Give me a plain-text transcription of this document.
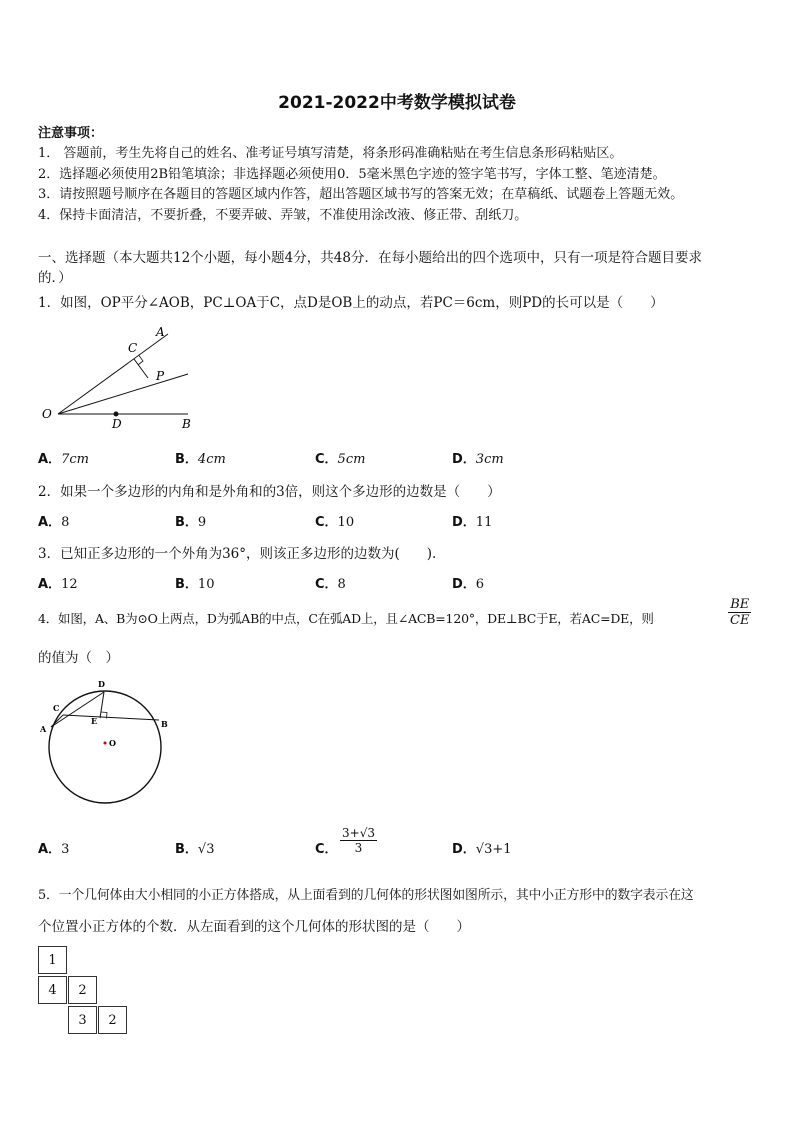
2021-2022中考数学模拟试卷
注意事项：
1． 答题前，考生先将自己的姓名、准考证号填写清楚，将条形码准确粘贴在考生信息条形码粘贴区。
2．选择题必须使用2B铅笔填涂；非选择题必须使用0．5毫米黑色字迹的签字笔书写，字体工整、笔迹清楚。
3．请按照题号顺序在各题目的答题区域内作答，超出答题区域书写的答案无效；在草稿纸、试题卷上答题无效。
4．保持卡面清洁，不要折叠，不要弄破、弄皱，不准使用涂改液、修正带、刮纸刀。
一、选择题（本大题共12个小题，每小题4分，共48分．在每小题给出的四个选项中，只有一项是符合题目要求
的．）
1．如图，OP平分∠AOB，PC⊥OA于C，点D是OB上的动点，若PC＝6cm，则PD的长可以是（　　）
A
C
P
O
D	B
A．7cm	B．4cm	C．5cm	D．3cm
2．如果一个多边形的内角和是外角和的3倍，则这个多边形的边数是（　　）
A．8	B．9	C．10	D．11
3．已知正多边形的一个外角为36°，则该正多边形的边数为(　　).
A．12	B．10	C．8	D．6
4．如图，A、B为⊙O上两点，D为弧AB的中点，C在弧AD上，且∠ACB=120°，DE⊥BC于E，若AC=DE，则	$\frac{BE}{CE}$
的值为（　）
D
C
A
E	B
O
A．3	B．√3	C． $\frac{3+√3}{3}$	D．√3+1
5．一个几何体由大小相同的小正方体搭成，从上面看到的几何体的形状图如图所示，其中小正方形中的数字表示在这
个位置小正方体的个数．从左面看到的这个几何体的形状图的是（　　）
1
4	2
3	2
